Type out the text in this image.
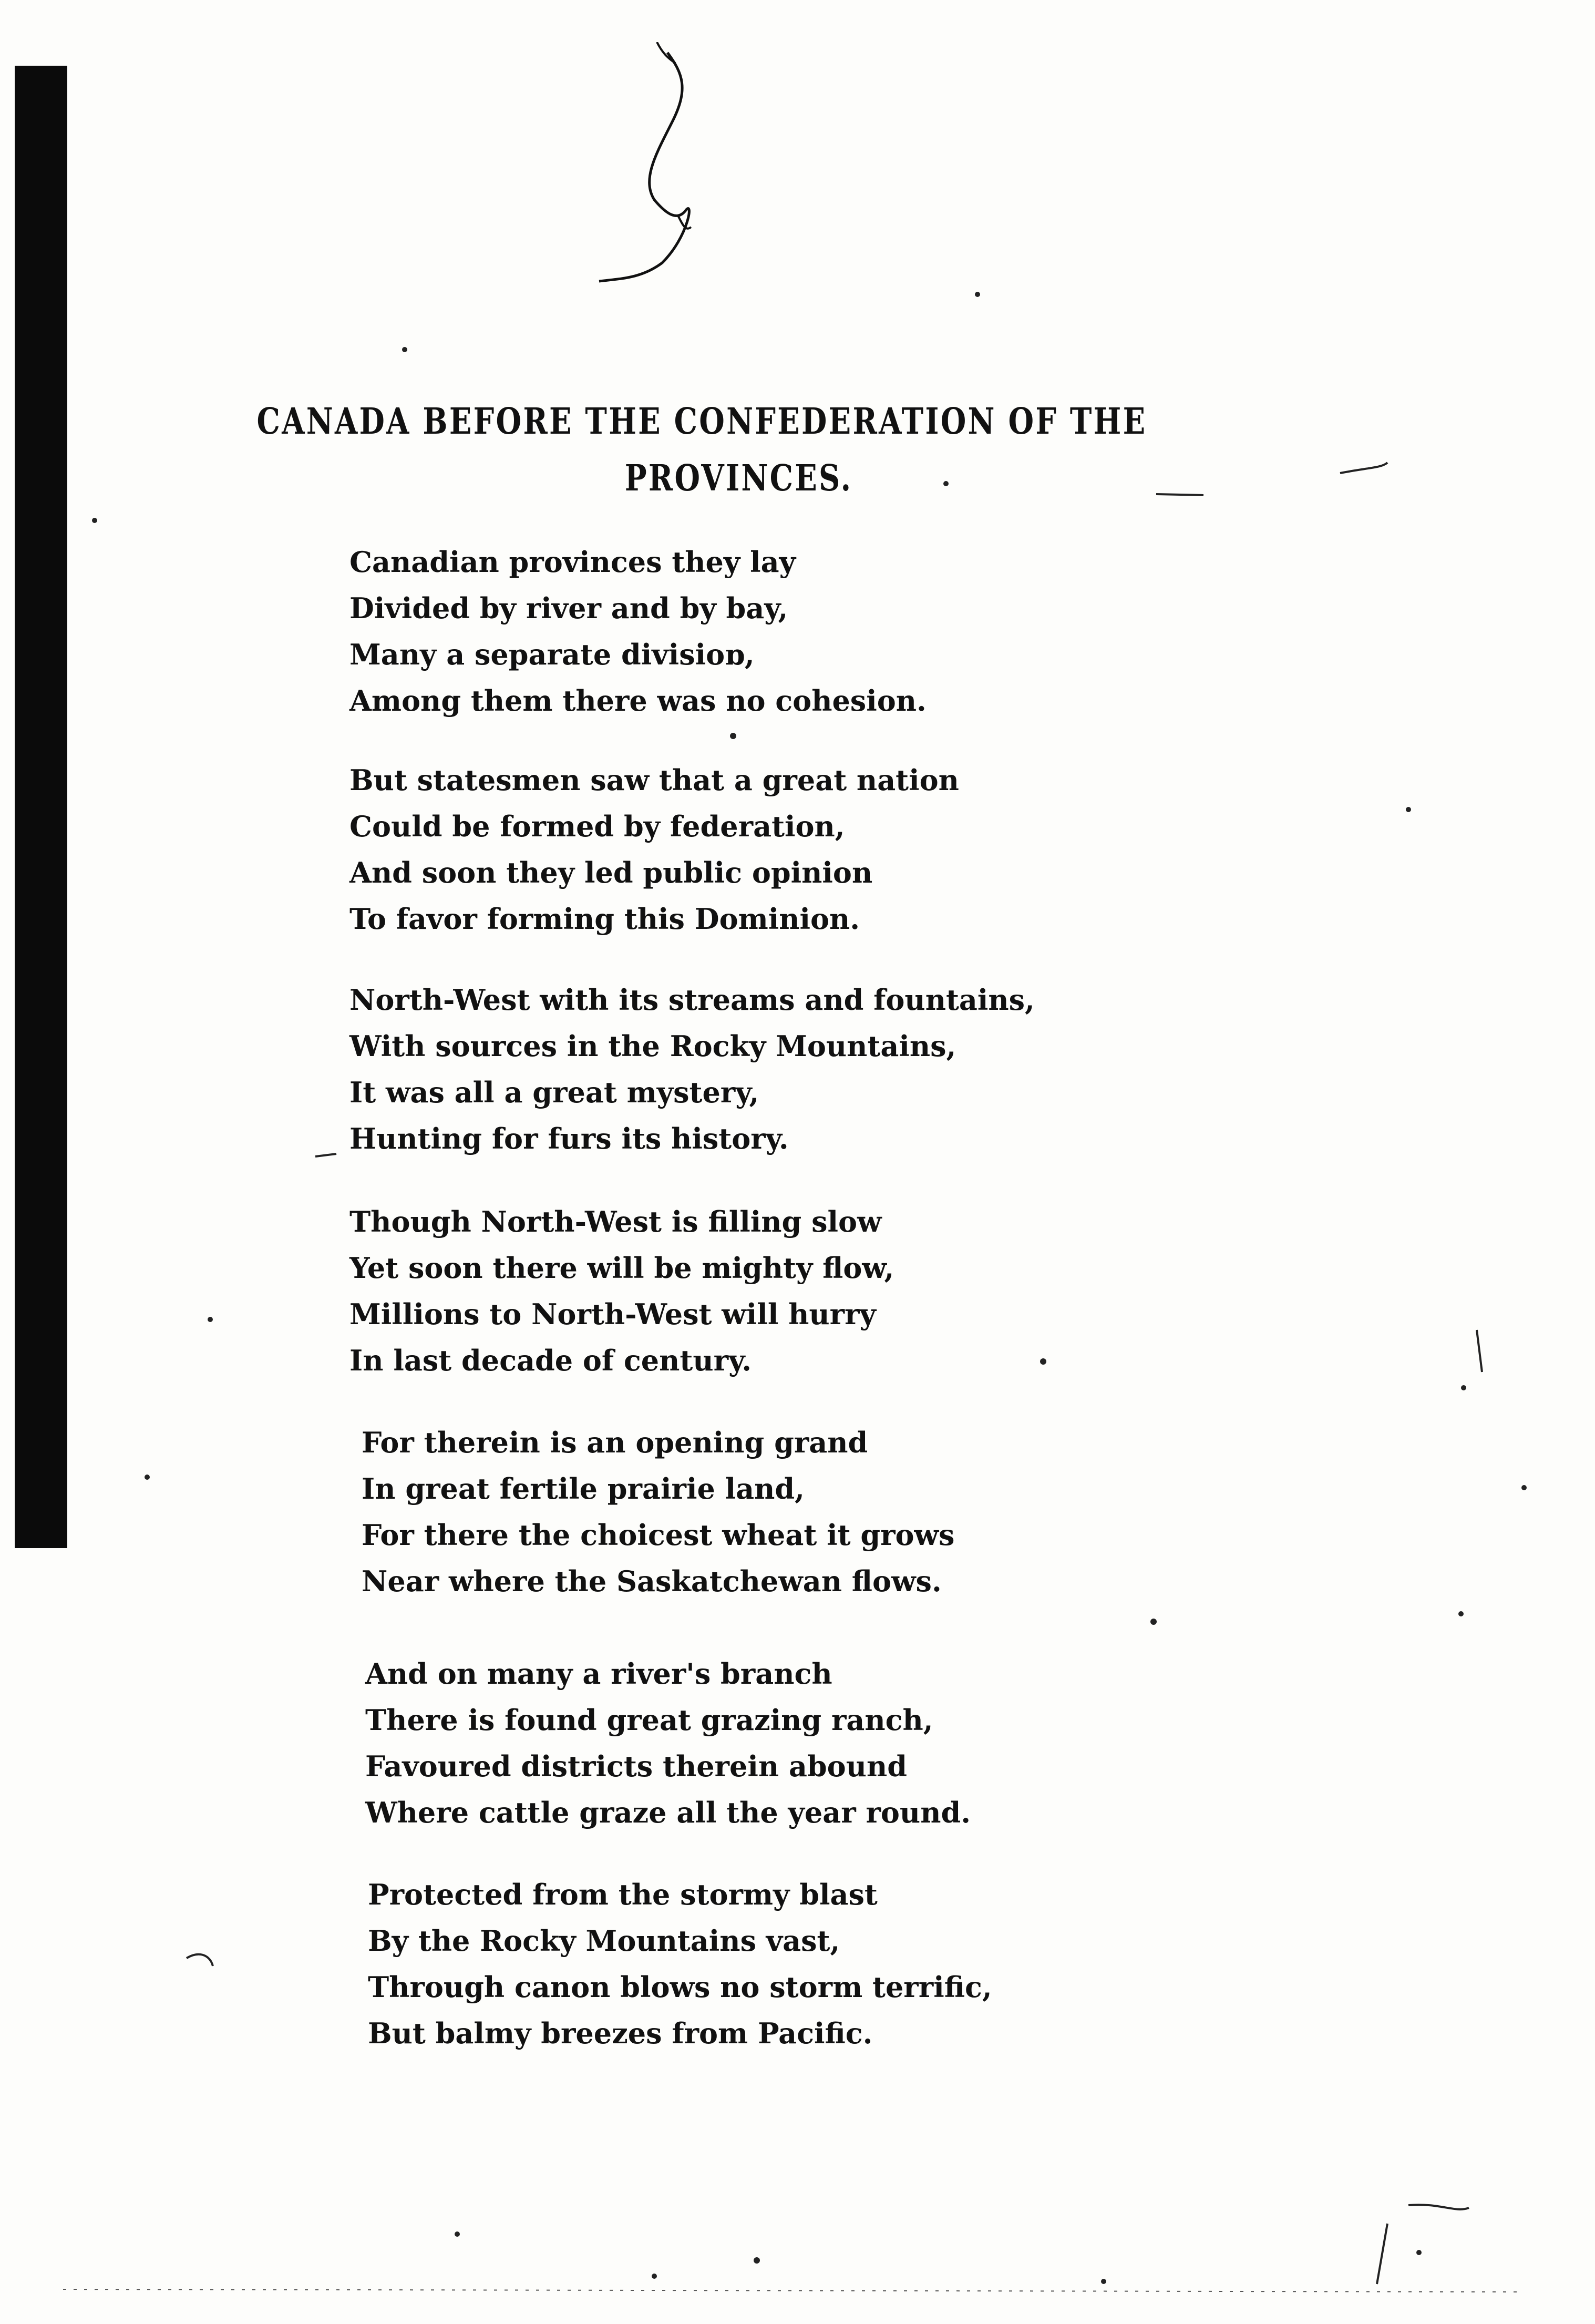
CANADA BEFORE THE CONFEDERATION OF THE
PROVINCES.
Canadian provinces they lay
Divided by river and by bay,
Many a separate divisioɒ,
Among them there was no cohesion.
But statesmen saw that a great nation
Could be formed by federation,
And soon they led public opinion
To favor forming this Dominion.
North-West with its streams and fountains,
With sources in the Rocky Mountains,
It was all a great mystery,
Hunting for furs its history.
Though North-West is filling slow
Yet soon there will be mighty flow,
Millions to North-West will hurry
In last decade of century.
For therein is an opening grand
In great fertile prairie land,
For there the choicest wheat it grows
Near where the Saskatchewan flows.
And on many a river's branch
There is found great grazing ranch,
Favoured districts therein abound
Where cattle graze all the year round.
Protected from the stormy blast
By the Rocky Mountains vast,
Through canon blows no storm terrific,
But balmy breezes from Pacific.
